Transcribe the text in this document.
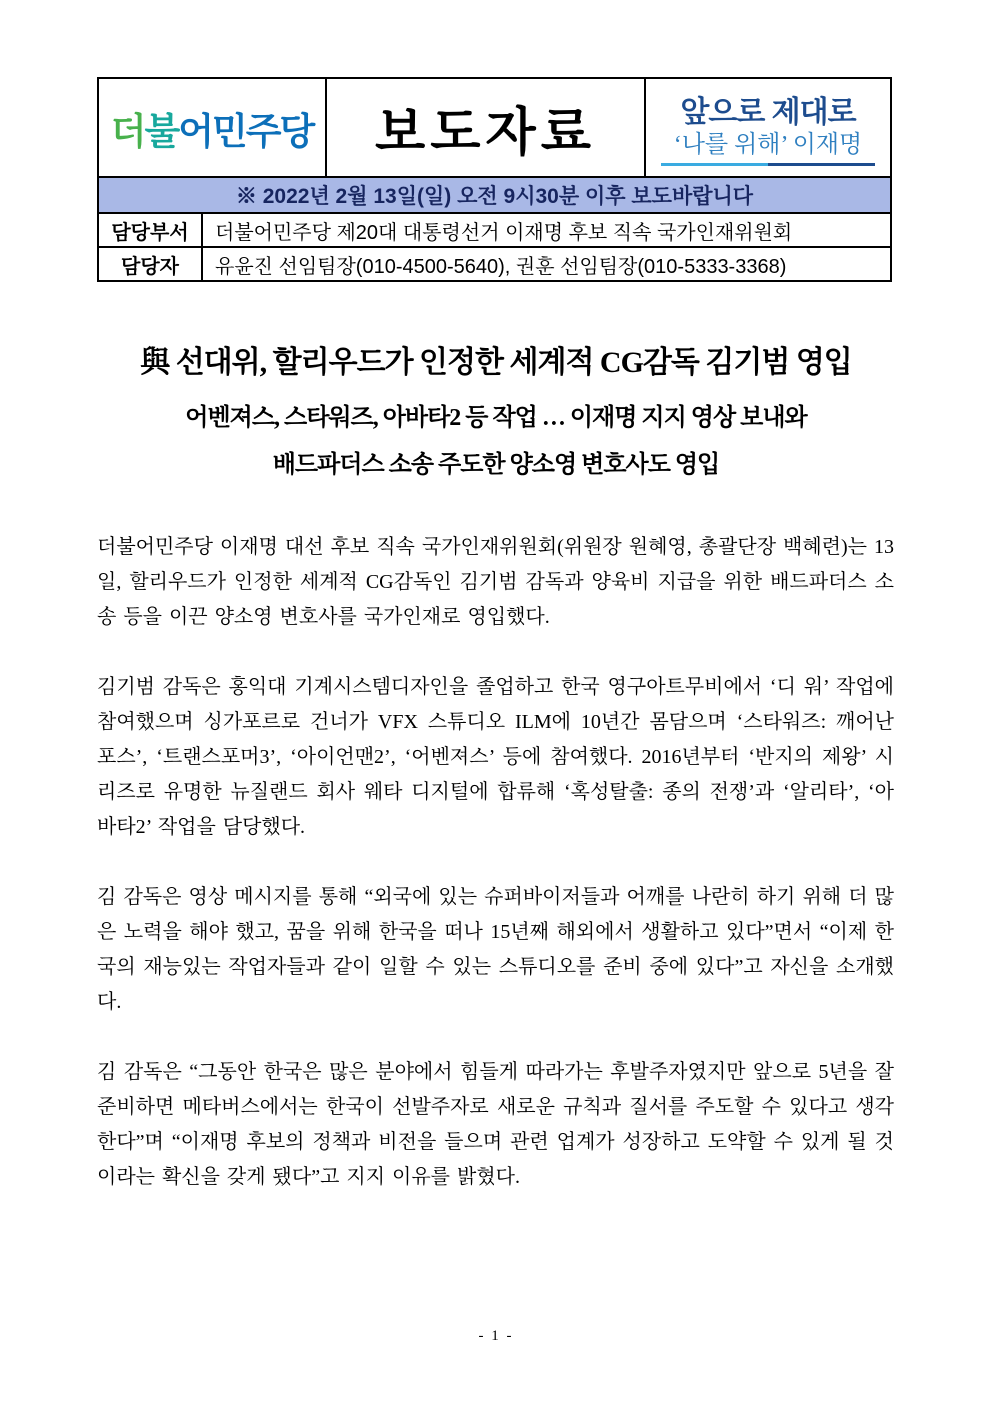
더불어민주당 보도자료	앞으로 제대로
‘나를 위해’ 이재명
※ 2022년 2월 13일(일) 오전 9시30분 이후 보도바랍니다
담당부서	더불어민주당 제20대 대통령선거 이재명 후보 직속 국가인재위원회
담당자	유윤진 선임팀장(010-4500-5640), 권훈 선임팀장(010-5333-3368)
與 선대위, 할리우드가 인정한 세계적 CG감독 김기범 영입
어벤져스, 스타워즈, 아바타2 등 작업 … 이재명 지지 영상 보내와
배드파더스 소송 주도한 양소영 변호사도 영입

더불어민주당 이재명 대선 후보 직속 국가인재위원회(위원장 원혜영, 총괄단장 백혜련)는 13일, 할리우드가 인정한 세계적 CG감독인 김기범 감독과 양육비 지급을 위한 배드파더스 소송 등을 이끈 양소영 변호사를 국가인재로 영입했다.

김기범 감독은 홍익대 기계시스템디자인을 졸업하고 한국 영구아트무비에서 ‘디 워’ 작업에 참여했으며 싱가포르로 건너가 VFX 스튜디오 ILM에 10년간 몸담으며 ‘스타워즈: 깨어난 포스’, ‘트랜스포머3’, ‘아이언맨2’, ‘어벤져스’ 등에 참여했다. 2016년부터 ‘반지의 제왕’ 시리즈로 유명한 뉴질랜드 회사 웨타 디지털에 합류해 ‘혹성탈출: 종의 전쟁’과 ‘알리타’, ‘아바타2’ 작업을 담당했다.

김 감독은 영상 메시지를 통해 “외국에 있는 슈퍼바이저들과 어깨를 나란히 하기 위해 더 많은 노력을 해야 했고, 꿈을 위해 한국을 떠나 15년째 해외에서 생활하고 있다”면서 “이제 한국의 재능있는 작업자들과 같이 일할 수 있는 스튜디오를 준비 중에 있다”고 자신을 소개했다.

김 감독은 “그동안 한국은 많은 분야에서 힘들게 따라가는 후발주자였지만 앞으로 5년을 잘 준비하면 메타버스에서는 한국이 선발주자로 새로운 규칙과 질서를 주도할 수 있다고 생각한다”며 “이재명 후보의 정책과 비전을 들으며 관련 업계가 성장하고 도약할 수 있게 될 것이라는 확신을 갖게 됐다”고 지지 이유를 밝혔다.

- 1 -
